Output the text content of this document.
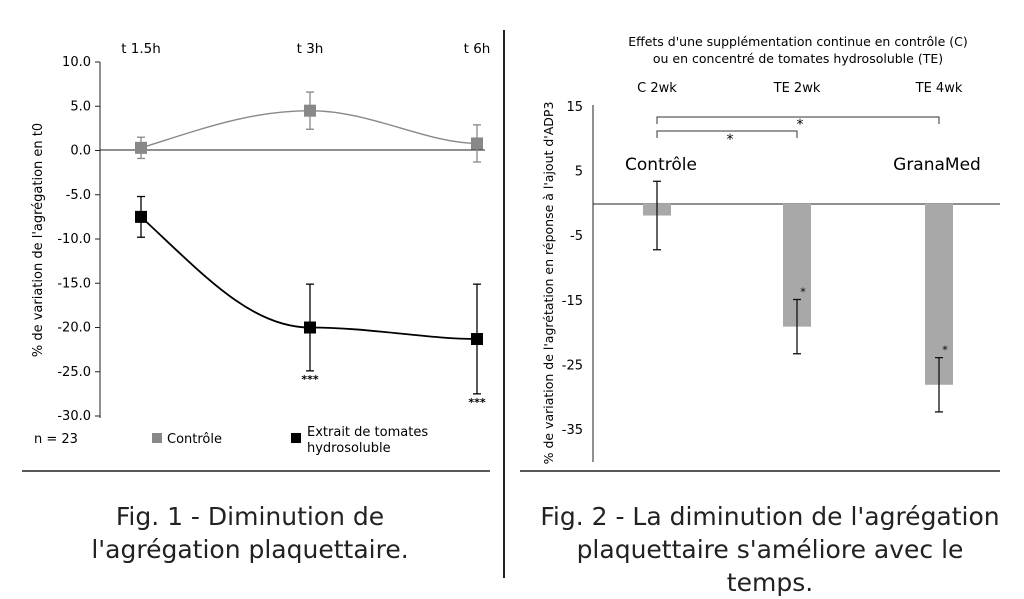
10.0
5.0
0.0
-5.0
-10.0
-15.0
-20.0
-25.0
-30.0
% de variation de l'agrégation en t0
t 1.5h	t 3h	t 6h
***
***
n = 23	Contrôle	Extrait de tomates hydrosoluble
Effets d'une supplémentation continue en contrôle (C)
ou en concentré de tomates hydrosoluble (TE)
15
5
-5
-15
-25
-35
% de variation de l'agrétation en réponse à l'ajout d'ADP3
C 2wk	TE 2wk	TE 4wk
*
*
*
*
Contrôle	GranaMed
Fig. 1 - Diminution de
l'agrégation plaquettaire.
Fig. 2 - La diminution de l'agrégation
plaquettaire s'améliore avec le temps.
